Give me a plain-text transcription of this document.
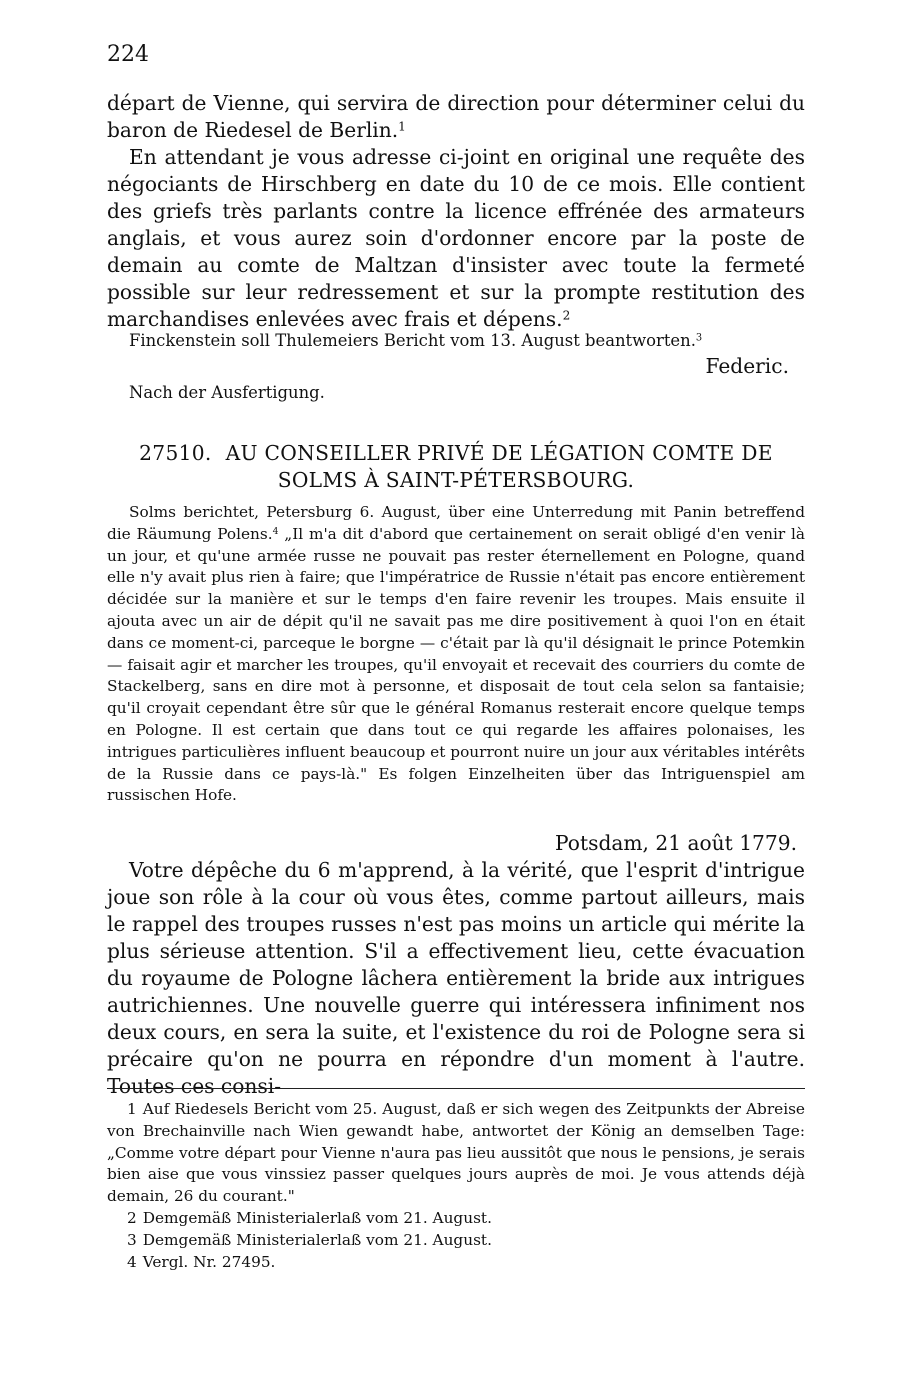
224

départ de Vienne, qui servira de direction pour déterminer celui du baron de Riedesel de Berlin.$^1$
En attendant je vous adresse ci-joint en original une requête des négociants de Hirschberg en date du 10 de ce mois. Elle contient des griefs très parlants contre la licence effrénée des armateurs anglais, et vous aurez soin d'ordonner encore par la poste de demain au comte de Maltzan d'insister avec toute la fermeté possible sur leur redressement et sur la prompte restitution des marchandises enlevées avec frais et dépens.$^2$
Finckenstein soll Thulemeiers Bericht vom 13. August beantworten.$^3$
Federic.
Nach der Ausfertigung.
27510. AU CONSEILLER PRIVÉ DE LÉGATION COMTE DE
SOLMS À SAINT-PÉTERSBOURG.
Solms berichtet, Petersburg 6. August, über eine Unterredung mit Panin betreffend die Räumung Polens.$^4$ „Il m'a dit d'abord que certainement on serait obligé d'en venir là un jour, et qu'une armée russe ne pouvait pas rester éternellement en Pologne, quand elle n'y avait plus rien à faire; que l'impératrice de Russie n'était pas encore entièrement décidée sur la manière et sur le temps d'en faire revenir les troupes. Mais ensuite il ajouta avec un air de dépit qu'il ne savait pas me dire positivement à quoi l'on en était dans ce moment-ci, parceque le borgne — c'était par là qu'il désignait le prince Potemkin — faisait agir et marcher les troupes, qu'il envoyait et recevait des courriers du comte de Stackelberg, sans en dire mot à personne, et disposait de tout cela selon sa fantaisie; qu'il croyait cependant être sûr que le général Romanus resterait encore quelque temps en Pologne. Il est certain que dans tout ce qui regarde les affaires polonaises, les intrigues particulières influent beaucoup et pourront nuire un jour aux véritables intérêts de la Russie dans ce pays-là." Es folgen Einzelheiten über das Intriguenspiel am russischen Hofe.
Potsdam, 21 août 1779.
Votre dépêche du 6 m'apprend, à la vérité, que l'esprit d'intrigue joue son rôle à la cour où vous êtes, comme partout ailleurs, mais le rappel des troupes russes n'est pas moins un article qui mérite la plus sérieuse attention. S'il a effectivement lieu, cette évacuation du royaume de Pologne lâchera entièrement la bride aux intrigues autrichiennes. Une nouvelle guerre qui intéressera infiniment nos deux cours, en sera la suite, et l'existence du roi de Pologne sera si précaire qu'on ne pourra en répondre d'un moment à l'autre. Toutes ces consi-

1 Auf Riedesels Bericht vom 25. August, daß er sich wegen des Zeitpunkts der Abreise von Brechainville nach Wien gewandt habe, antwortet der König an demselben Tage: „Comme votre départ pour Vienne n'aura pas lieu aussitôt que nous le pensions, je serais bien aise que vous vinssiez passer quelques jours auprès de moi. Je vous attends déjà demain, 26 du courant."

2 Demgemäß Ministerialerlaß vom 21. August.

3 Demgemäß Ministerialerlaß vom 21. August.

4 Vergl. Nr. 27495.
